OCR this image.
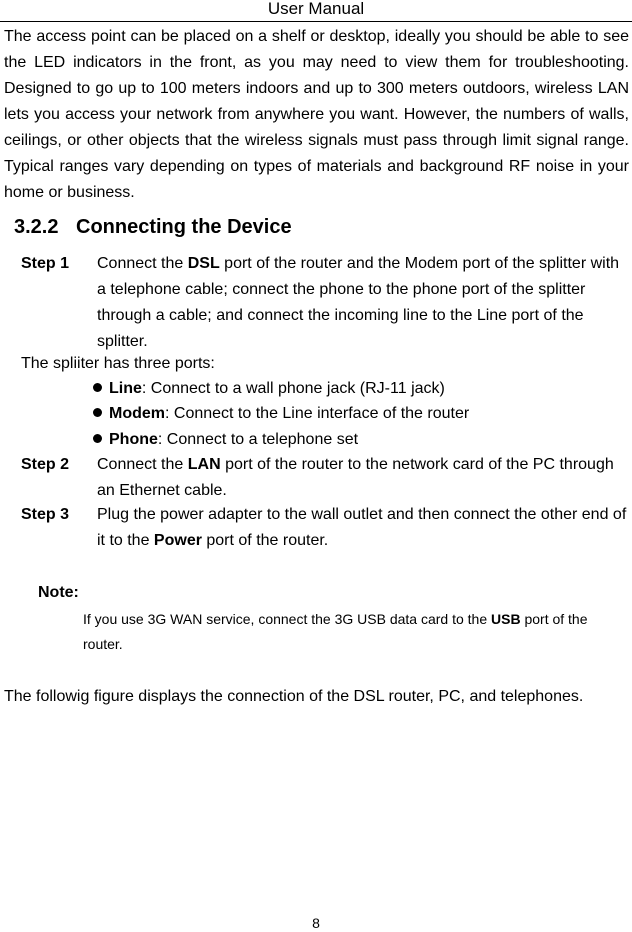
User Manual

The access point can be placed on a shelf or desktop, ideally you should be able to see the LED indicators in the front, as you may need to view them for troubleshooting. Designed to go up to 100 meters indoors and up to 300 meters outdoors, wireless LAN lets you access your network from anywhere you want. However, the numbers of walls, ceilings, or other objects that the wireless signals must pass through limit signal range. Typical ranges vary depending on types of materials and background RF noise in your home or business.

3.2.2 Connecting the Device
Step 1 Connect the DSL port of the router and the Modem port of the splitter with a telephone cable; connect the phone to the phone port of the splitter through a cable; and connect the incoming line to the Line port of the splitter.

The spliiter has three ports:

Line: Connect to a wall phone jack (RJ-11 jack)
Modem: Connect to the Line interface of the router
Phone: Connect to a telephone set
Step 2 Connect the LAN port of the router to the network card of the PC through an Ethernet cable.
Step 3 Plug the power adapter to the wall outlet and then connect the other end of it to the Power port of the router.
Note:

If you use 3G WAN service, connect the 3G USB data card to the USB port of the router.

The followig figure displays the connection of the DSL router, PC, and telephones.

8
